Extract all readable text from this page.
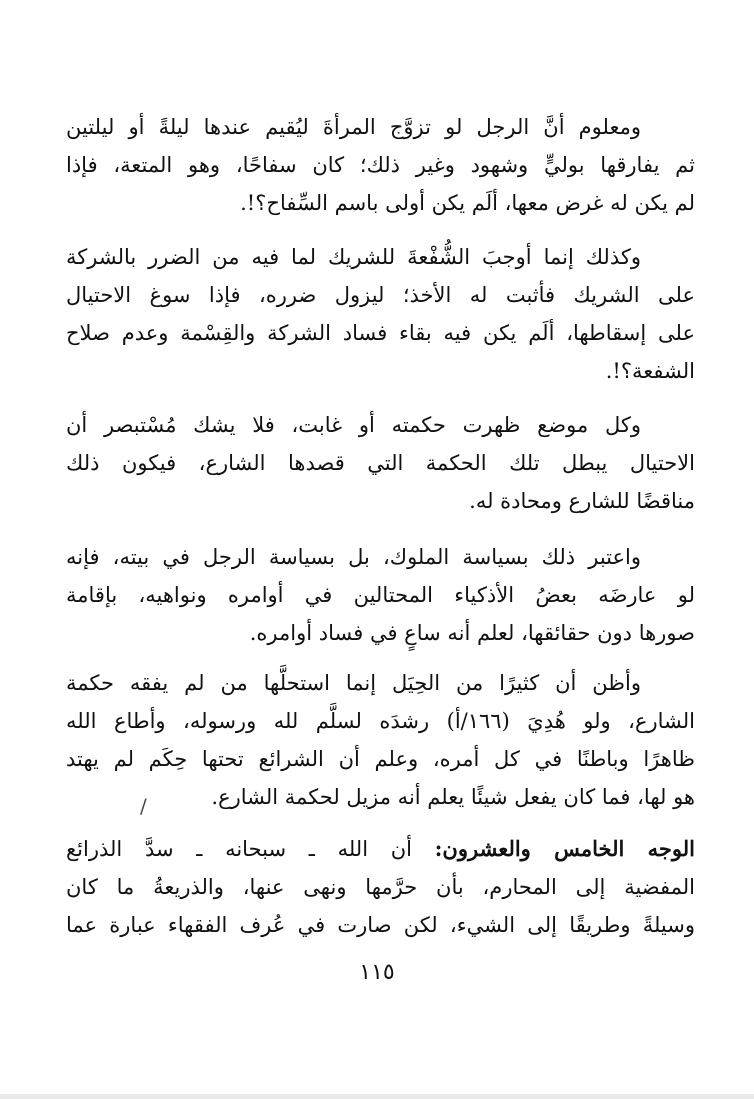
ومعلوم أنَّ الرجل لو تزوَّج المرأةَ ليُقيم عندها ليلةً أو ليلتين
ثم يفارقها بوليٍّ وشهود وغير ذلك؛ كان سفاحًا، وهو المتعة، فإذا
لم يكن له غرض معها، ألَم يكن أولى باسم السِّفاح؟!.
وكذلك إنما أوجبَ الشُّفْعةَ للشريك لما فيه من الضرر بالشركة
على الشريك فأثبت له الأخذ؛ ليزول ضرره، فإذا سوغ الاحتيال
على إسقاطها، ألَم يكن فيه بقاء فساد الشركة والقِسْمة وعدم صلاح
الشفعة؟!.
وكل موضع ظهرت حكمته أو غابت، فلا يشك مُسْتبصر أن
الاحتيال يبطل تلك الحكمة التي قصدها الشارع، فيكون ذلك
مناقضًا للشارع ومحادة له.
واعتبر ذلك بسياسة الملوك، بل بسياسة الرجل في بيته، فإنه
لو عارضَه بعضُ الأذكياء المحتالين في أوامره ونواهيه، بإقامة
صورها دون حقائقها، لعلم أنه ساعٍ في فساد أوامره.
وأظن أن كثيرًا من الحِيَل إنما استحلَّها من لم يفقه حكمة
الشارع، ولو هُدِيَ (١٦٦/أ) رشدَه لسلَّم لله ورسوله، وأطاع الله
ظاهرًا وباطنًا في كل أمره، وعلم أن الشرائع تحتها حِكَم لم يهتد
هو لها، فما كان يفعل شيئًا يعلم أنه مزيل لحكمة الشارع.
/
الوجه الخامس والعشرون: أن الله ـ سبحانه ـ سدَّ الذرائع
المفضية إلى المحارم، بأن حرَّمها ونهى عنها، والذريعةُ ما كان
وسيلةً وطريقًا إلى الشيء، لكن صارت في عُرف الفقهاء عبارة عما
١١٥
